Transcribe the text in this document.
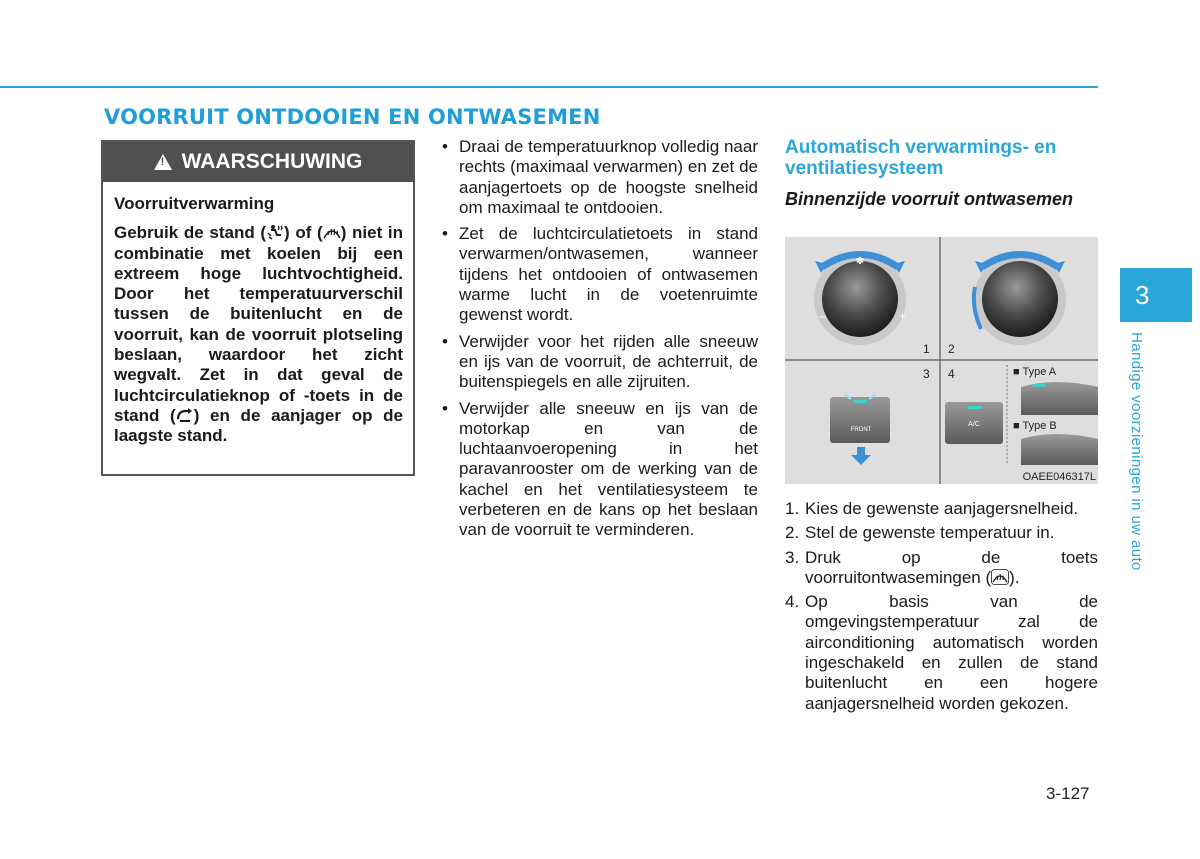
VOORRUIT ONTDOOIEN EN ONTWASEMEN
!
WAARSCHUWING

Voorruitverwarming

Gebruik de stand ( ) of ( ) niet in combinatie met koelen bij een extreem hoge luchtvochtigheid. Door het temperatuurverschil tussen de buitenlucht en de voorruit, kan de voorruit plotseling beslaan, waardoor het zicht wegvalt. Zet in dat geval de luchtcirculatieknop of -toets in de stand ( ) en de aanjager op de laagste stand.

• Draai de temperatuurknop volledig naar rechts (maximaal verwarmen) en zet de aanjagertoets op de hoogste snelheid om maximaal te ontdooien.
• Zet de luchtcirculatietoets in stand verwarmen/ontwasemen, wanneer tijdens het ontdooien of ontwasemen warme lucht in de voetenruimte gewenst wordt.
• Verwijder voor het rijden alle sneeuw en ijs van de voorruit, de achterruit, de buitenspiegels en alle zijruiten.
• Verwijder alle sneeuw en ijs van de motorkap en van de luchtaanvoeropening in het paravanrooster om de werking van de kachel en het ventilatiesysteem te verbeteren en de kans op het beslaan van de voorruit te verminderen.
Automatisch verwarmings- en ventilatiesysteem
Binnenzijde voorruit ontwasemen
✽
–	+
1 2
3 4
FRONT
A/C
■ Type A
■ Type B
OAEE046317L
1. Kies de gewenste aanjagersnelheid.
2. Stel de gewenste temperatuur in.
3. Druk op de toets voorruitontwasemingen ( ).
4. Op basis van de omgevingstemperatuur zal de airconditioning automatisch worden ingeschakeld en zullen de stand buitenlucht en een hogere aanjagersnelheid worden gekozen.
3
Handige voorzieningen in uw auto
3-127
